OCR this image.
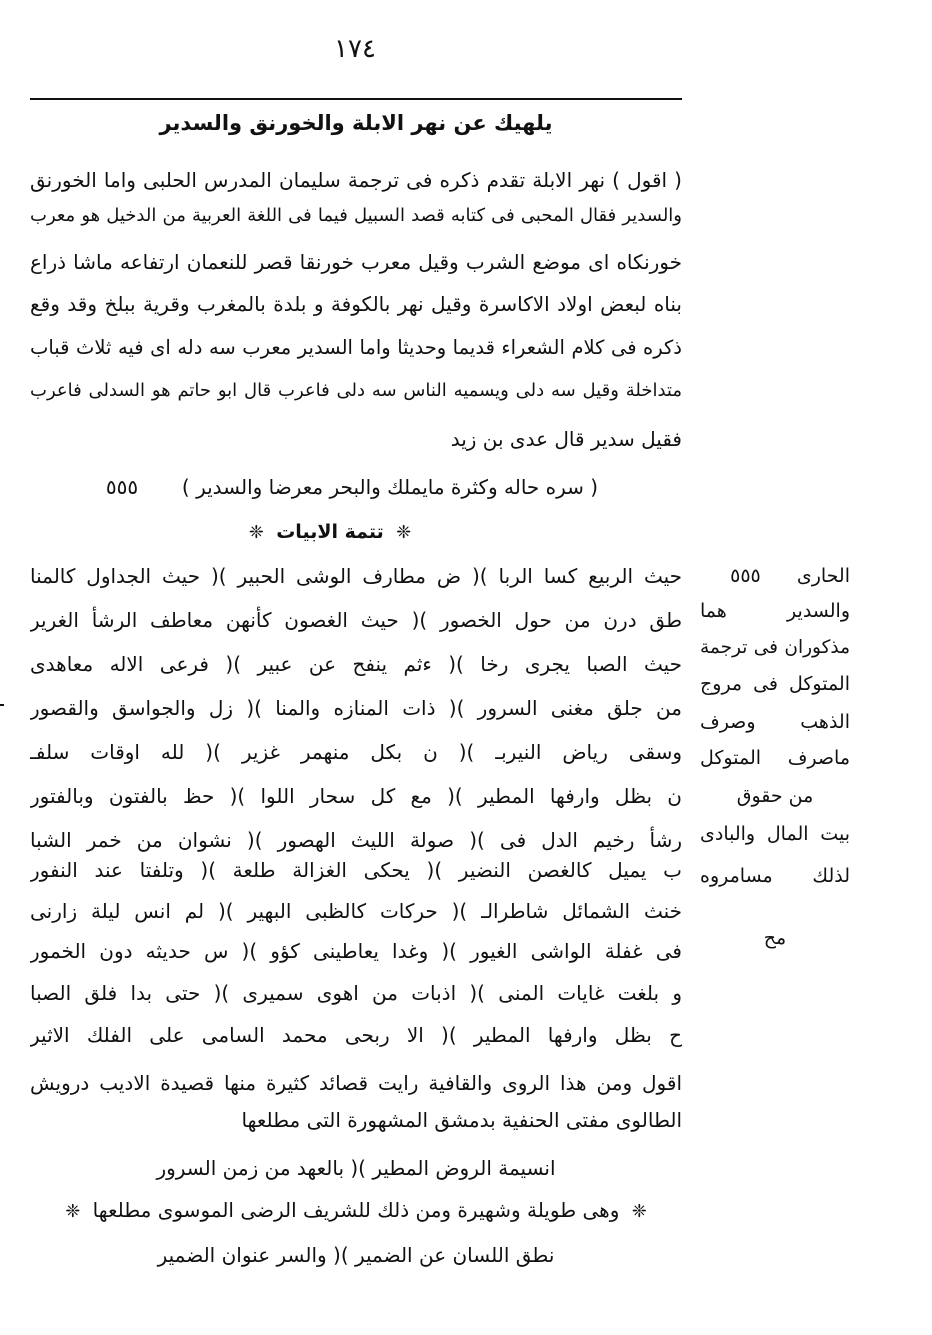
١٧٤
يلهيك عن نهر الابلة والخورنق والسدير
( اقول ) نهر الابلة تقدم ذكره فى ترجمة سليمان المدرس الحلبى واما الخورنق
والسدير فقال المحبى فى كتابه قصد السبيل فيما فى اللغة العربية من الدخيل هو معرب
خورنكاه اى موضع الشرب وقيل معرب خورنقا قصر للنعمان ارتفاعه ماشا ذراع
بناه لبعض اولاد الاكاسرة وقيل نهر بالكوفة و بلدة بالمغرب وقرية ببلخ وقد وقع
ذكره فى كلام الشعراء قديما وحديثا واما السدير معرب سه دله اى فيه ثلاث قباب
متداخلة وقيل سه دلى ويسميه الناس سه دلى فاعرب قال ابو حاتم هو السدلى فاعرب
فقيل سدير قال عدى بن زيد
( سره حاله وكثرة مايملك والبحر معرضا والسدير )
٥٥٥
❈ تتمة الابيات ❈
حيث الربيع كسا الربا )( ض مطارف الوشى الحبير )( حيث الجداول كالمنا
طق درن من حول الخصور )( حيث الغصون كأنهن معاطف الرشأ الغرير
حيث الصبا يجرى رخا )( ءثم ينفح عن عبير )( فرعى الاله معاهدى
من جلق مغنى السرور )( ذات المنازه والمنا )( زل والجواسق والقصور
وسقى رياض النيربـ )( ن بكل منهمر غزير )( لله اوقات سلفـ
ن بظل وارفها المطير )( مع كل سحار اللوا )( حظ بالفتون وبالفتور
رشأ رخيم الدل فى )( صولة الليث الهصور )( نشوان من خمر الشبا
ب يميل كالغصن النضير )( يحكى الغزالة طلعة )( وتلفتا عند النفور
خنث الشمائل شاطرالـ )( حركات كالظبى البهير )( لم انس ليلة زارنى
فى غفلة الواشى الغيور )( وغدا يعاطينى كؤو )( س حديثه دون الخمور
و بلغت غايات المنى )( اذبات من اهوى سميرى )( حتى بدا فلق الصبا
ح بظل وارفها المطير )( الا ربحى محمد السامى على الفلك الاثير
اقول ومن هذا الروى والقافية رايت قصائد كثيرة منها قصيدة الاديب درويش
الطالوى مفتى الحنفية بدمشق المشهورة التى مطلعها
انسيمة الروض المطير )( بالعهد من زمن السرور
❈ وهى طويلة وشهيرة ومن ذلك للشريف الرضى الموسوى مطلعها ❈
نطق اللسان عن الضمير )( والسر عنوان الضمير
الحارى  ٥٥٥
والسدير هما
مذكوران فى ترجمة
المتوكل فى مروج
الذهب وصرف
ماصرف المتوكل
من حقوق
بيت المال والبادى
لذلك مسامروه
مح
